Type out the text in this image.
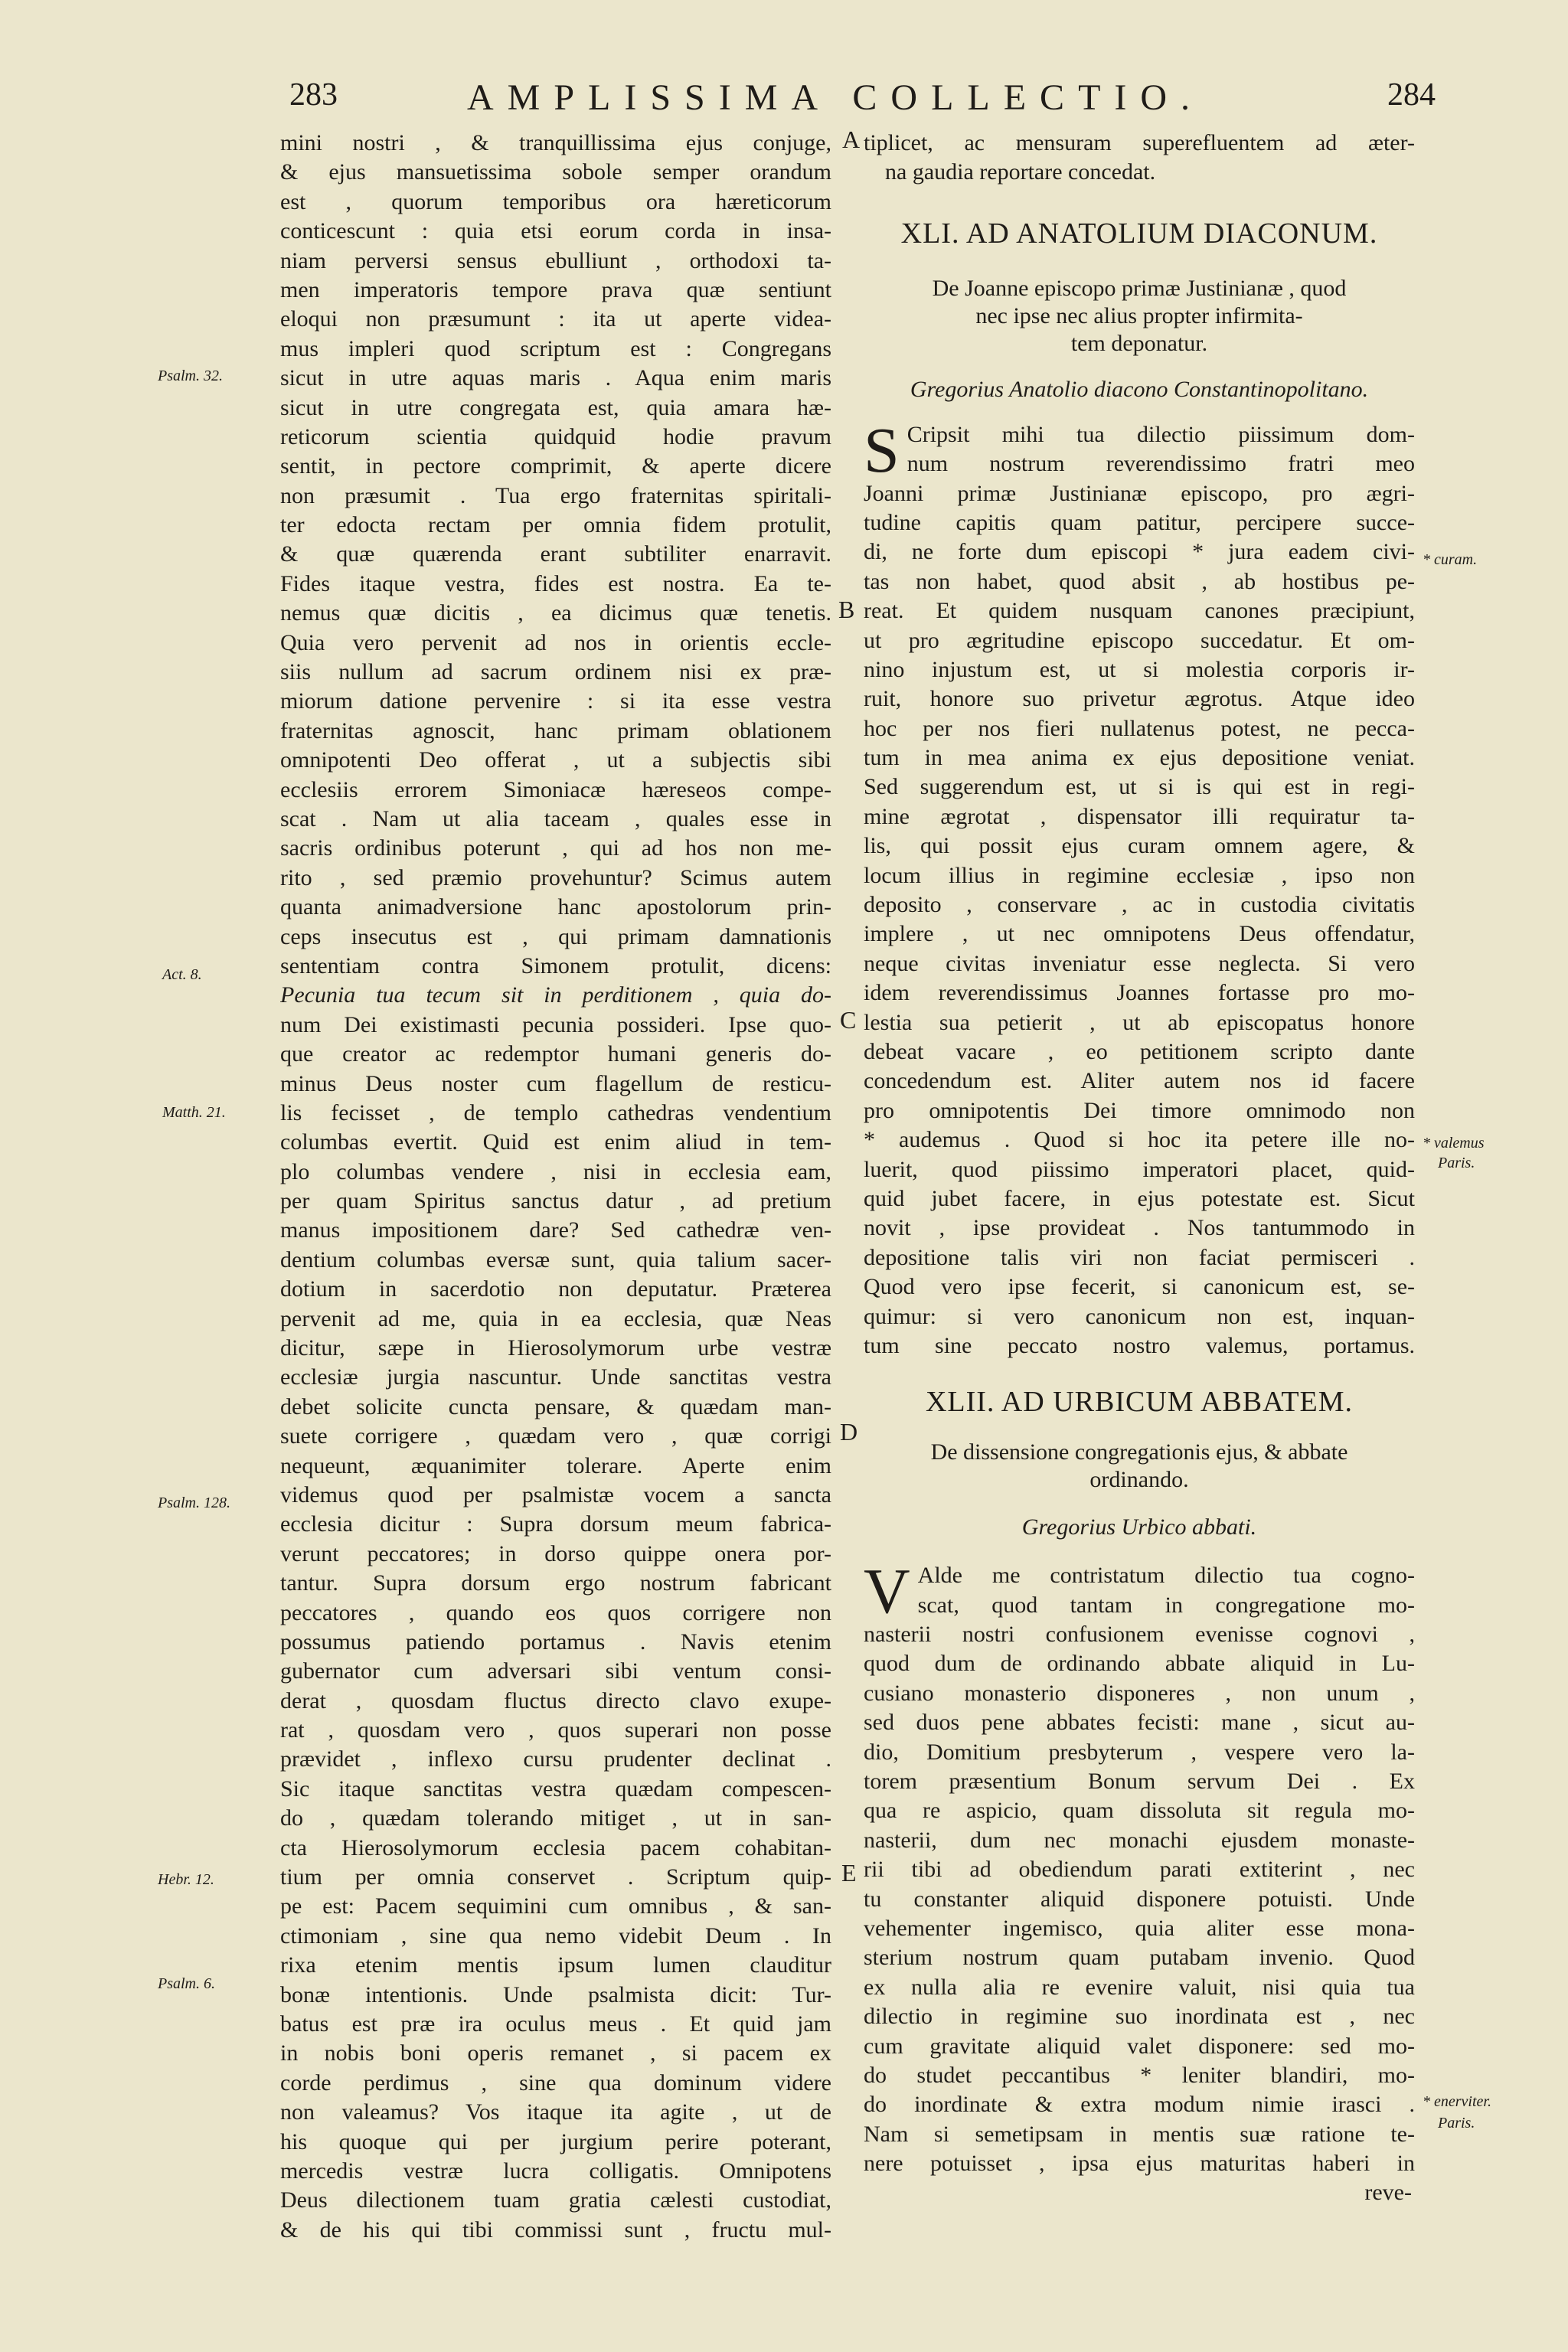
283	AMPLISSIMA COLLECTIO.	284
mini nostri , & tranquillissima ejus conjuge,
& ejus mansuetissima sobole semper orandum
est , quorum temporibus ora hæreticorum
conticescunt : quia etsi eorum corda in insa-
niam perversi sensus ebulliunt , orthodoxi ta-
men imperatoris tempore prava quæ sentiunt
eloqui non præsumunt : ita ut aperte videa-
mus impleri quod scriptum est : Congregans
sicut in utre aquas maris . Aqua enim maris
sicut in utre congregata est, quia amara hæ-
reticorum scientia quidquid hodie pravum
sentit, in pectore comprimit, & aperte dicere
non præsumit . Tua ergo fraternitas spiritali-
ter edocta rectam per omnia fidem protulit,
& quæ quærenda erant subtiliter enarravit.
Fides itaque vestra, fides est nostra. Ea te-
nemus quæ dicitis , ea dicimus quæ tenetis.
Quia vero pervenit ad nos in orientis eccle-
siis nullum ad sacrum ordinem nisi ex præ-
miorum datione pervenire : si ita esse vestra
fraternitas agnoscit, hanc primam oblationem
omnipotenti Deo offerat , ut a subjectis sibi
ecclesiis errorem Simoniacæ hæreseos compe-
scat . Nam ut alia taceam , quales esse in
sacris ordinibus poterunt , qui ad hos non me-
rito , sed præmio provehuntur? Scimus autem
quanta animadversione hanc apostolorum prin-
ceps insecutus est , qui primam damnationis
sententiam contra Simonem protulit, dicens:
Pecunia tua tecum sit in perditionem , quia do-
num Dei existimasti pecunia possideri. Ipse quo-
que creator ac redemptor humani generis do-
minus Deus noster cum flagellum de resticu-
lis fecisset , de templo cathedras vendentium
columbas evertit. Quid est enim aliud in tem-
plo columbas vendere , nisi in ecclesia eam,
per quam Spiritus sanctus datur , ad pretium
manus impositionem dare? Sed cathedræ ven-
dentium columbas eversæ sunt, quia talium sacer-
dotium in sacerdotio non deputatur. Præterea
pervenit ad me, quia in ea ecclesia, quæ Neas
dicitur, sæpe in Hierosolymorum urbe vestræ
ecclesiæ jurgia nascuntur. Unde sanctitas vestra
debet solicite cuncta pensare, & quædam man-
suete corrigere , quædam vero , quæ corrigi
nequeunt, æquanimiter tolerare. Aperte enim
videmus quod per psalmistæ vocem a sancta
ecclesia dicitur : Supra dorsum meum fabrica-
verunt peccatores; in dorso quippe onera por-
tantur. Supra dorsum ergo nostrum fabricant
peccatores , quando eos quos corrigere non
possumus patiendo portamus . Navis etenim
gubernator cum adversari sibi ventum consi-
derat , quosdam fluctus directo clavo exupe-
rat , quosdam vero , quos superari non posse
prævidet , inflexo cursu prudenter declinat .
Sic itaque sanctitas vestra quædam compescen-
do , quædam tolerando mitiget , ut in san-
cta Hierosolymorum ecclesia pacem cohabitan-
tium per omnia conservet . Scriptum quip-
pe est: Pacem sequimini cum omnibus , & san-
ctimoniam , sine qua nemo videbit Deum . In
rixa etenim mentis ipsum lumen clauditur
bonæ intentionis. Unde psalmista dicit: Tur-
batus est præ ira oculus meus . Et quid jam
in nobis boni operis remanet , si pacem ex
corde perdimus , sine qua dominum videre
non valeamus? Vos itaque ita agite , ut de
his quoque qui per jurgium perire poterant,
mercedis vestræ lucra colligatis. Omnipotens
Deus dilectionem tuam gratia cælesti custodiat,
& de his qui tibi commissi sunt , fructu mul-
Psalm. 32.
Act. 8.
Matth. 21.
Psalm. 128.
Hebr. 12.
Psalm. 6.
A
B
C
D
E
tiplicet, ac mensuram superefluentem ad æter-
na gaudia reportare concedat.
XLI. AD ANATOLIUM DIACONUM.
De Joanne episcopo primæ Justinianæ , quod
nec ipse nec alius propter infirmita-
tem deponatur.
Gregorius Anatolio diacono Constantinopolitano.
S Cripsit mihi tua dilectio piissimum dom-
num nostrum reverendissimo fratri meo
Joanni primæ Justinianæ episcopo, pro ægri-
tudine capitis quam patitur, percipere succe-
di, ne forte dum episcopi * jura eadem civi-
tas non habet, quod absit , ab hostibus pe-
reat. Et quidem nusquam canones præcipiunt,
ut pro ægritudine episcopo succedatur. Et om-
nino injustum est, ut si molestia corporis ir-
ruit, honore suo privetur ægrotus. Atque ideo
hoc per nos fieri nullatenus potest, ne pecca-
tum in mea anima ex ejus depositione veniat.
Sed suggerendum est, ut si is qui est in regi-
mine ægrotat , dispensator illi requiratur ta-
lis, qui possit ejus curam omnem agere, &
locum illius in regimine ecclesiæ , ipso non
deposito , conservare , ac in custodia civitatis
implere , ut nec omnipotens Deus offendatur,
neque civitas inveniatur esse neglecta. Si vero
idem reverendissimus Joannes fortasse pro mo-
lestia sua petierit , ut ab episcopatus honore
debeat vacare , eo petitionem scripto dante
concedendum est. Aliter autem nos id facere
pro omnipotentis Dei timore omnimodo non
* audemus . Quod si hoc ita petere ille no-
luerit, quod piissimo imperatori placet, quid-
quid jubet facere, in ejus potestate est. Sicut
novit , ipse provideat . Nos tantummodo in
depositione talis viri non faciat permisceri .
Quod vero ipse fecerit, si canonicum est, se-
quimur: si vero canonicum non est, inquan-
tum sine peccato nostro valemus, portamus.
XLII. AD URBICUM ABBATEM.
De dissensione congregationis ejus, & abbate
ordinando.
Gregorius Urbico abbati.
V Alde me contristatum dilectio tua cogno-
scat, quod tantam in congregatione mo-
nasterii nostri confusionem evenisse cognovi ,
quod dum de ordinando abbate aliquid in Lu-
cusiano monasterio disponeres , non unum ,
sed duos pene abbates fecisti: mane , sicut au-
dio, Domitium presbyterum , vespere vero la-
torem præsentium Bonum servum Dei . Ex
qua re aspicio, quam dissoluta sit regula mo-
nasterii, dum nec monachi ejusdem monaste-
rii tibi ad obediendum parati extiterint , nec
tu constanter aliquid disponere potuisti. Unde
vehementer ingemisco, quia aliter esse mona-
sterium nostrum quam putabam invenio. Quod
ex nulla alia re evenire valuit, nisi quia tua
dilectio in regimine suo inordinata est , nec
cum gravitate aliquid valet disponere: sed mo-
do studet peccantibus * leniter blandiri, mo-
do inordinate & extra modum nimie irasci .
Nam si semetipsam in mentis suæ ratione te-
nere potuisset , ipsa ejus maturitas haberi in
reve-
* curam.
* valemus
Paris.
* enerviter.
Paris.
